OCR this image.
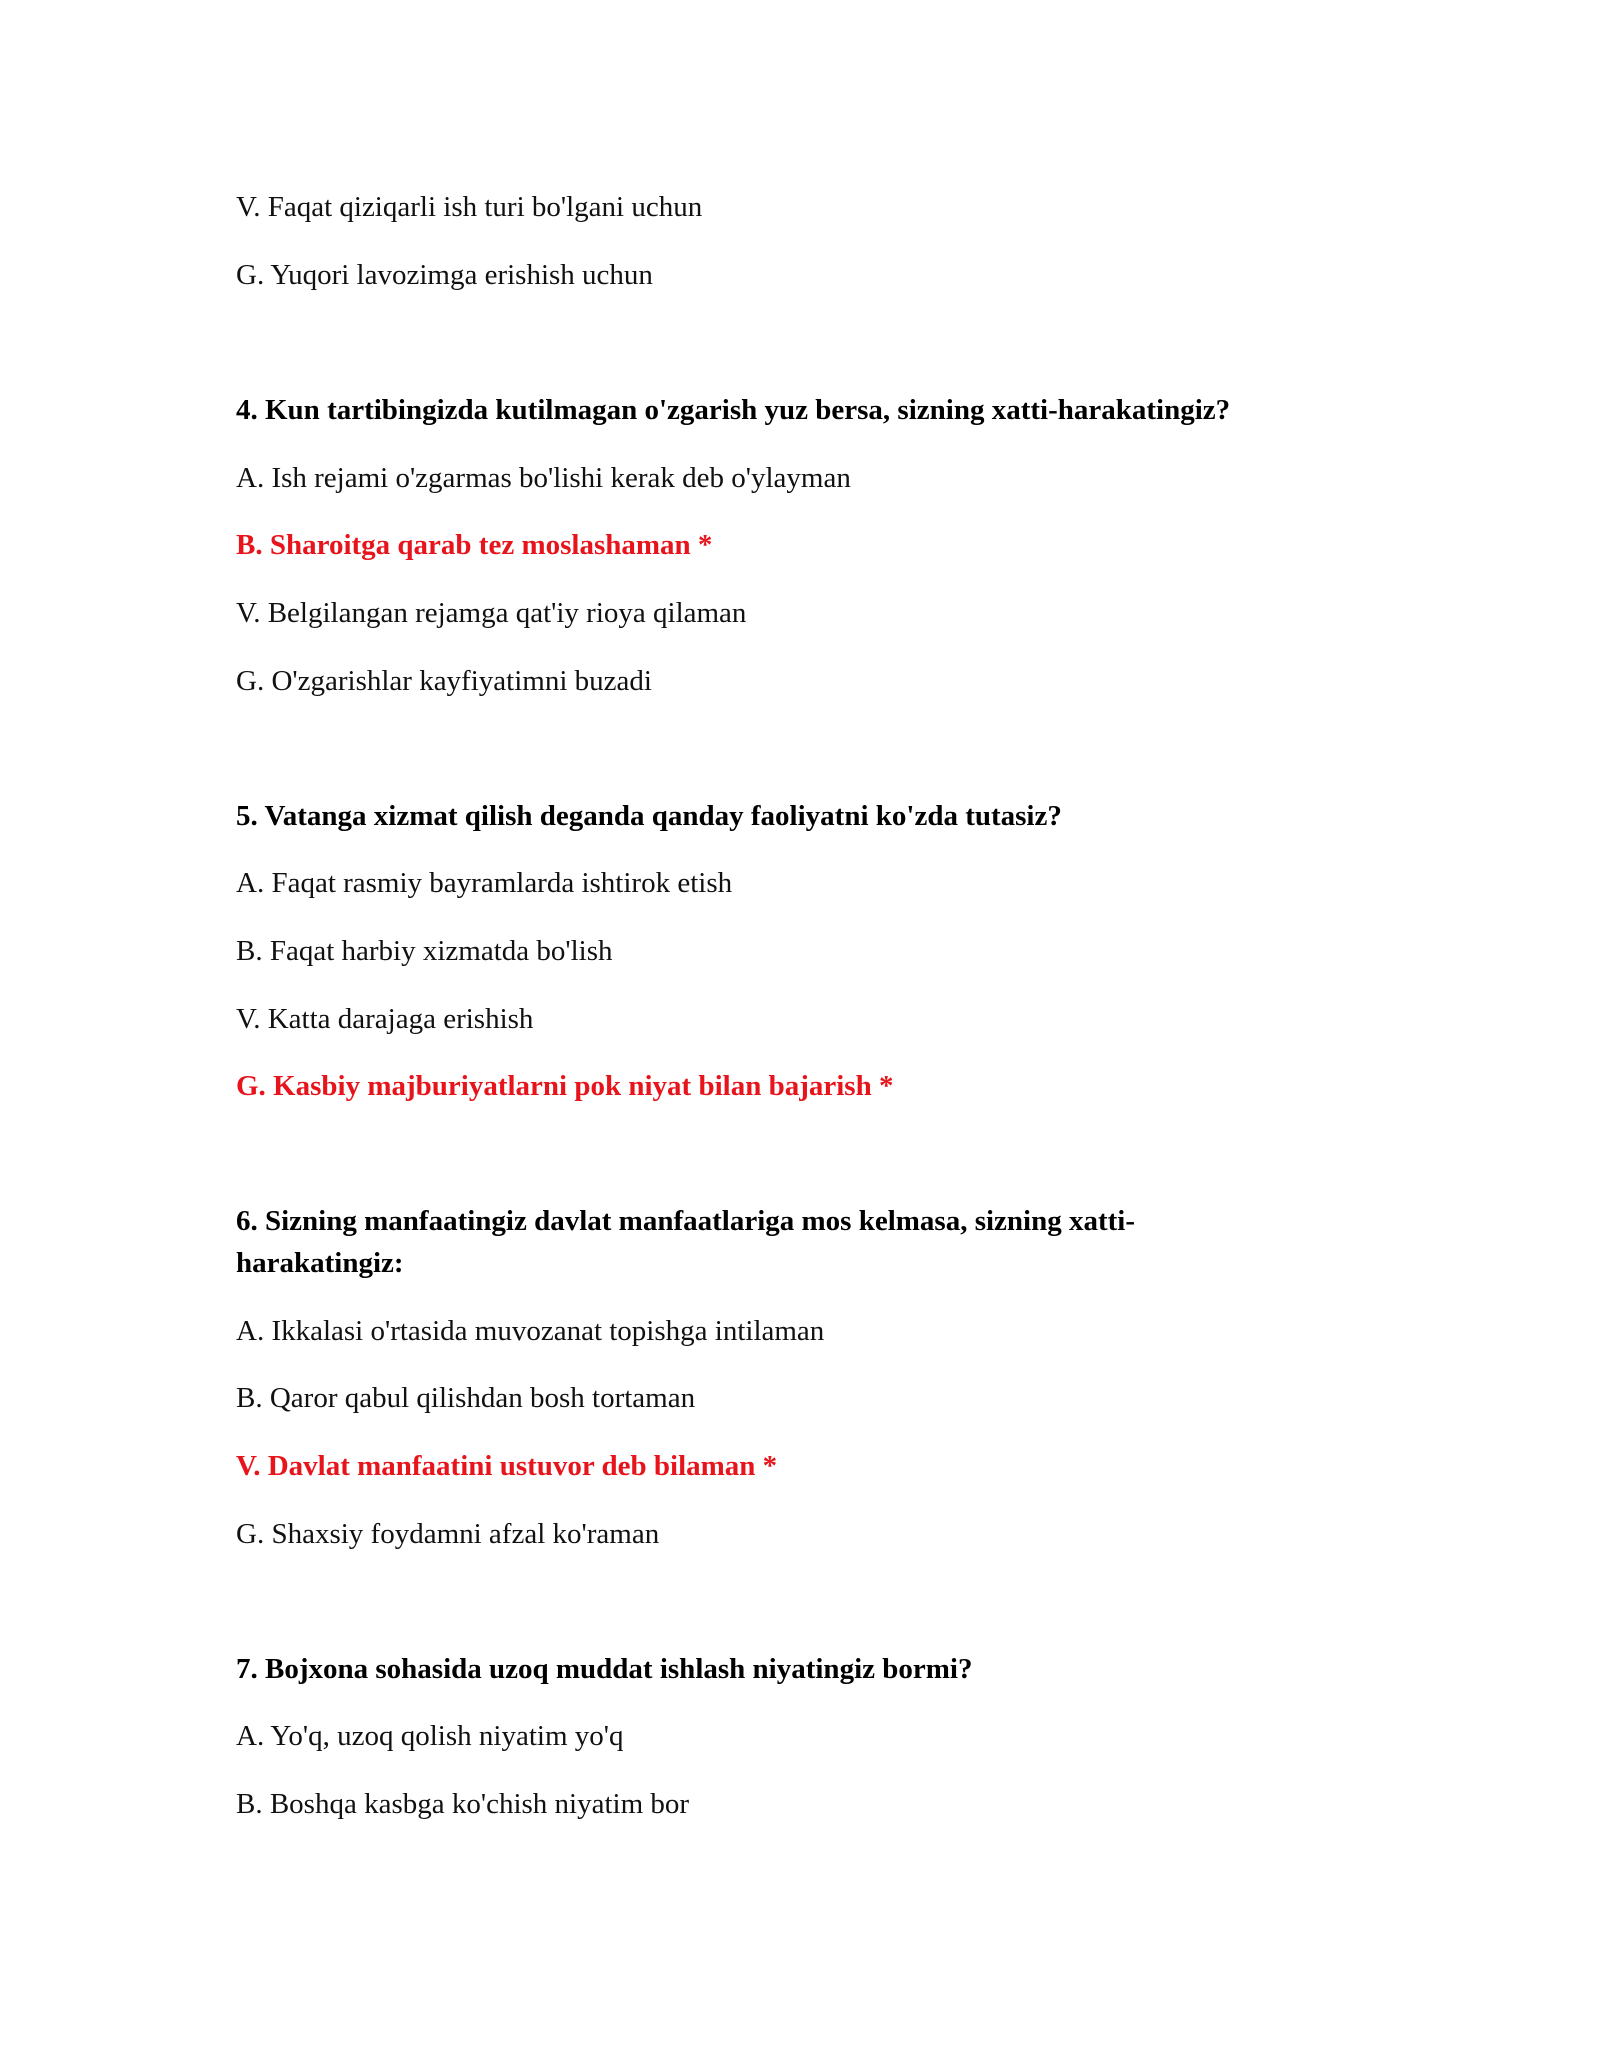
V. Faqat qiziqarli ish turi bo'lgani uchun
G. Yuqori lavozimga erishish uchun
4. Kun tartibingizda kutilmagan o'zgarish yuz bersa, sizning xatti-harakatingiz?
A. Ish rejami o'zgarmas bo'lishi kerak deb o'ylayman
B. Sharoitga qarab tez moslashaman *
V. Belgilangan rejamga qat'iy rioya qilaman
G. O'zgarishlar kayfiyatimni buzadi
5. Vatanga xizmat qilish deganda qanday faoliyatni ko'zda tutasiz?
A. Faqat rasmiy bayramlarda ishtirok etish
B. Faqat harbiy xizmatda bo'lish
V. Katta darajaga erishish
G. Kasbiy majburiyatlarni pok niyat bilan bajarish *
6. Sizning manfaatingiz davlat manfaatlariga mos kelmasa, sizning xatti-
harakatingiz:
A. Ikkalasi o'rtasida muvozanat topishga intilaman
B. Qaror qabul qilishdan bosh tortaman
V. Davlat manfaatini ustuvor deb bilaman *
G. Shaxsiy foydamni afzal ko'raman
7. Bojxona sohasida uzoq muddat ishlash niyatingiz bormi?
A. Yo'q, uzoq qolish niyatim yo'q
B. Boshqa kasbga ko'chish niyatim bor
